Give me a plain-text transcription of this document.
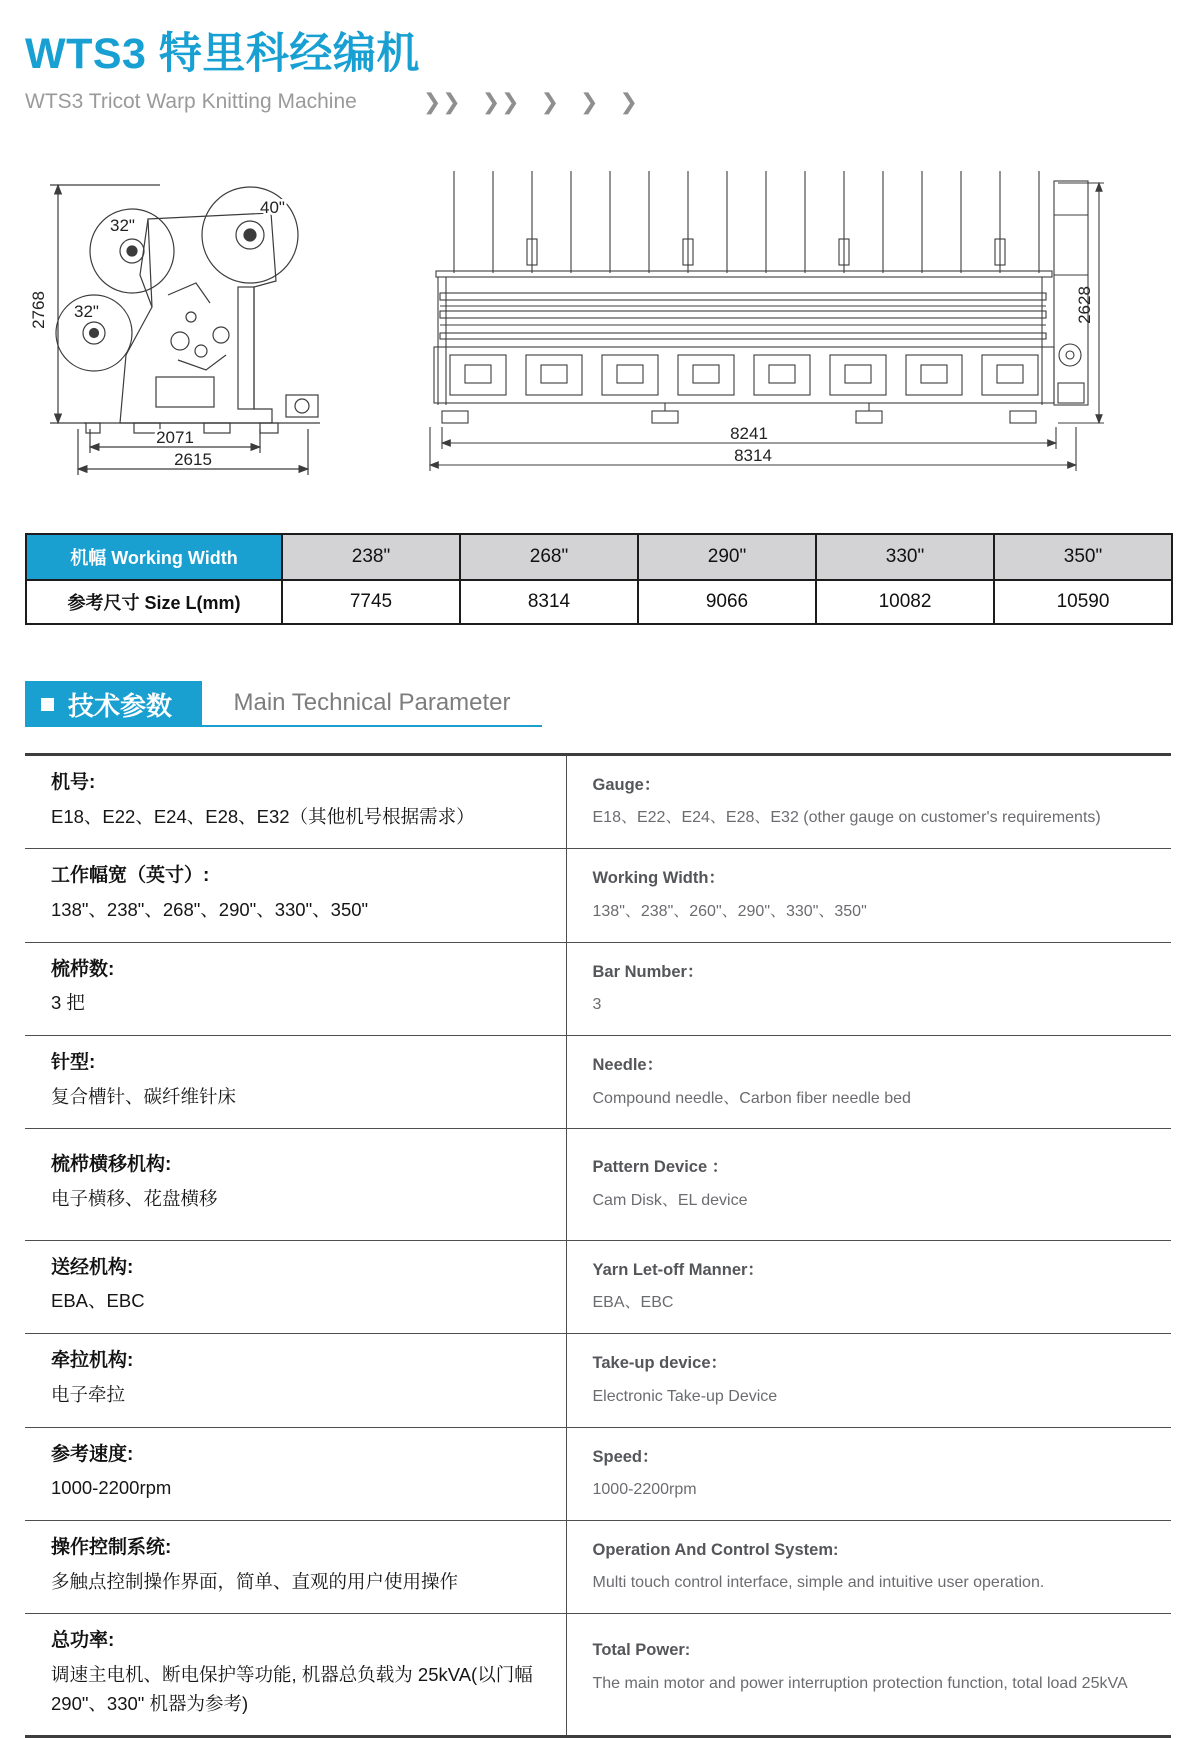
WTS3 特里科经编机
WTS3 Tricot Warp Knitting Machine	❯❯ ❯❯ ❯ ❯ ❯
2768
40"
32"
32"
2071
2615
2628
8241
8314
机幅 Working Width	238"	268"	290"	330"	350"
参考尺寸 Size L(mm)	7745	8314	9066	10082	10590
技术参数	Main Technical Parameter
机号:
E18、E22、E24、E28、E32（其他机号根据需求）

Gauge：
E18、E22、E24、E28、E32 (other gauge on customer's requirements)

工作幅宽（英寸）:
138"、238"、268"、290"、330"、350"

Working Width：
138"、238"、260"、290"、330"、350"

梳栉数:
3 把

Bar Number：
3

针型:
复合槽针、碳纤维针床

Needle：
Compound needle、Carbon fiber needle bed

梳栉横移机构:
电子横移、花盘横移

Pattern Device ：
Cam Disk、EL device

送经机构:
EBA、EBC

Yarn Let-off Manner：
EBA、EBC

牵拉机构:
电子牵拉

Take-up device：
Electronic Take-up Device

参考速度:
1000-2200rpm

Speed：
1000-2200rpm

操作控制系统:
多触点控制操作界面，简单、直观的用户使用操作

Operation And Control System:
Multi touch control interface, simple and intuitive user operation.

总功率:
调速主电机、断电保护等功能, 机器总负载为 25kVA(以门幅 290"、330" 机器为参考)

Total Power:
The main motor and power interruption protection function, total load 25kVA
